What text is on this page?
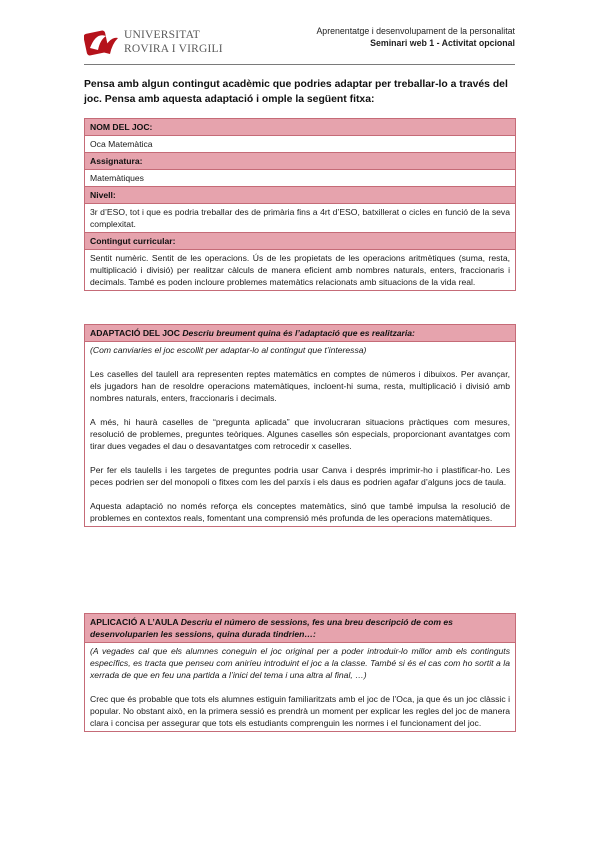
UNIVERSITAT
ROVIRA I VIRGILI
Aprenentatge i desenvolupament de la personalitat
Seminari web 1 - Activitat opcional
Pensa amb algun contingut acadèmic que podries adaptar per treballar-lo a través del joc. Pensa amb aquesta adaptació i omple la següent fitxa:
NOM DEL JOC:
Oca Matemàtica
Assignatura:
Matemàtiques
Nivell:
3r d’ESO, tot i que es podria treballar des de primària fins a 4rt d’ESO, batxillerat o cicles en funció de la seva complexitat.
Contingut curricular:
Sentit numèric. Sentit de les operacions. Ús de les propietats de les operacions aritmètiques (suma, resta, multiplicació i divisió) per realitzar càlculs de manera eficient amb nombres naturals, enters, fraccionaris i decimals. També es poden incloure problemes matemàtics relacionats amb situacions de la vida real.
ADAPTACIÓ DEL JOC Descriu breument quina és l’adaptació que es realitzaria:

(Com canviaries el joc escollit per adaptar-lo al contingut que t’interessa)

Les caselles del taulell ara representen reptes matemàtics en comptes de números i dibuixos. Per avançar, els jugadors han de resoldre operacions matemàtiques, incloent-hi suma, resta, multiplicació i divisió amb nombres naturals, enters, fraccionaris i decimals.

A més, hi haurà caselles de “pregunta aplicada” que involucraran situacions pràctiques com mesures, resolució de problemes, preguntes teòriques. Algunes caselles són especials, proporcionant avantatges com tirar dues vegades el dau o desavantatges com retrocedir x caselles.

Per fer els taulells i les targetes de preguntes podria usar Canva i després imprimir-ho i plastificar-ho. Les peces podrien ser del monopoli o fitxes com les del parxís i els daus es podrien agafar d’alguns jocs de taula.

Aquesta adaptació no només reforça els conceptes matemàtics, sinó que també impulsa la resolució de problemes en contextos reals, fomentant una comprensió més profunda de les operacions matemàtiques.

APLICACIÓ A L’AULA Descriu el número de sessions, fes una breu descripció de com es desenvoluparien les sessions, quina durada tindrien…:

(A vegades cal que els alumnes coneguin el joc original per a poder introduir-lo millor amb els continguts específics, es tracta que penseu com aniríeu introduint el joc a la classe. També si és el cas com ho sortit a la xerrada de que en feu una partida a l’inici del tema i una altra al final, …)

Crec que és probable que tots els alumnes estiguin familiaritzats amb el joc de l’Oca, ja que és un joc clàssic i popular. No obstant això, en la primera sessió es prendrà un moment per explicar les regles del joc de manera clara i concisa per assegurar que tots els estudiants comprenguin les normes i el funcionament del joc.
